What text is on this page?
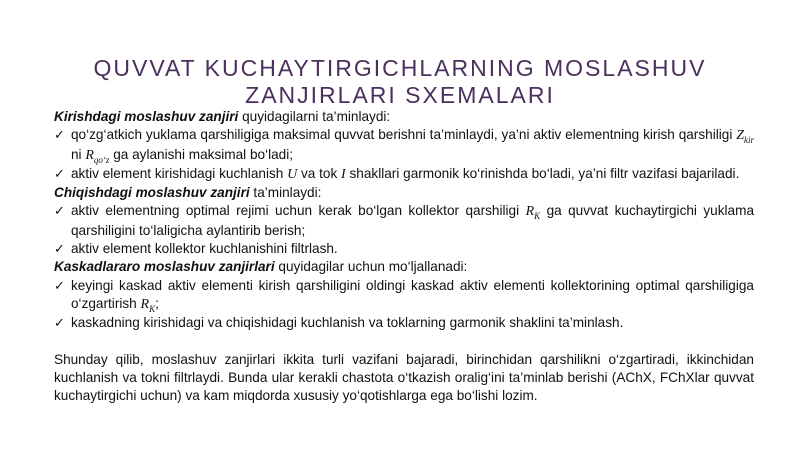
QUVVAT KUCHAYTIRGICHLARNING MOSLASHUV
ZANJIRLARI SXEMALARI

Kirishdagi moslashuv zanjiri quyidagilarni ta’minlaydi:

✓ qo‘zg‘atkich yuklama qarshiligiga maksimal quvvat berishni ta’minlaydi, ya’ni aktiv elementning kirish qarshiligi $Z_{kir}$ ni $R_{qo‘z}$ ga aylanishi maksimal bo‘ladi;
✓ aktiv element kirishidagi kuchlanish U va tok I shakllari garmonik ko‘rinishda bo‘ladi, ya’ni filtr vazifasi bajariladi.

Chiqishdagi moslashuv zanjiri ta’minlaydi:

✓ aktiv elementning optimal rejimi uchun kerak bo‘lgan kollektor qarshiligi $R_K$ ga quvvat kuchaytirgichi yuklama qarshiligini to‘laligicha aylantirib berish;
✓ aktiv element kollektor kuchlanishini filtrlash.

Kaskadlararo moslashuv zanjirlari quyidagilar uchun mo‘ljallanadi:

✓ keyingi kaskad aktiv elementi kirish qarshiligini oldingi kaskad aktiv elementi kollektorining optimal qarshiligiga o‘zgartirish $R_K$;
✓ kaskadning kirishidagi va chiqishidagi kuchlanish va toklarning garmonik shaklini ta’minlash.

Shunday qilib, moslashuv zanjirlari ikkita turli vazifani bajaradi, birinchidan qarshilikni o‘zgartiradi, ikkinchidan kuchlanish va tokni filtrlaydi. Bunda ular kerakli chastota o‘tkazish oralig‘ini ta’minlab berishi (AChX, FChXlar quvvat kuchaytirgichi uchun) va kam miqdorda xususiy yo‘qotishlarga ega bo‘lishi lozim.
